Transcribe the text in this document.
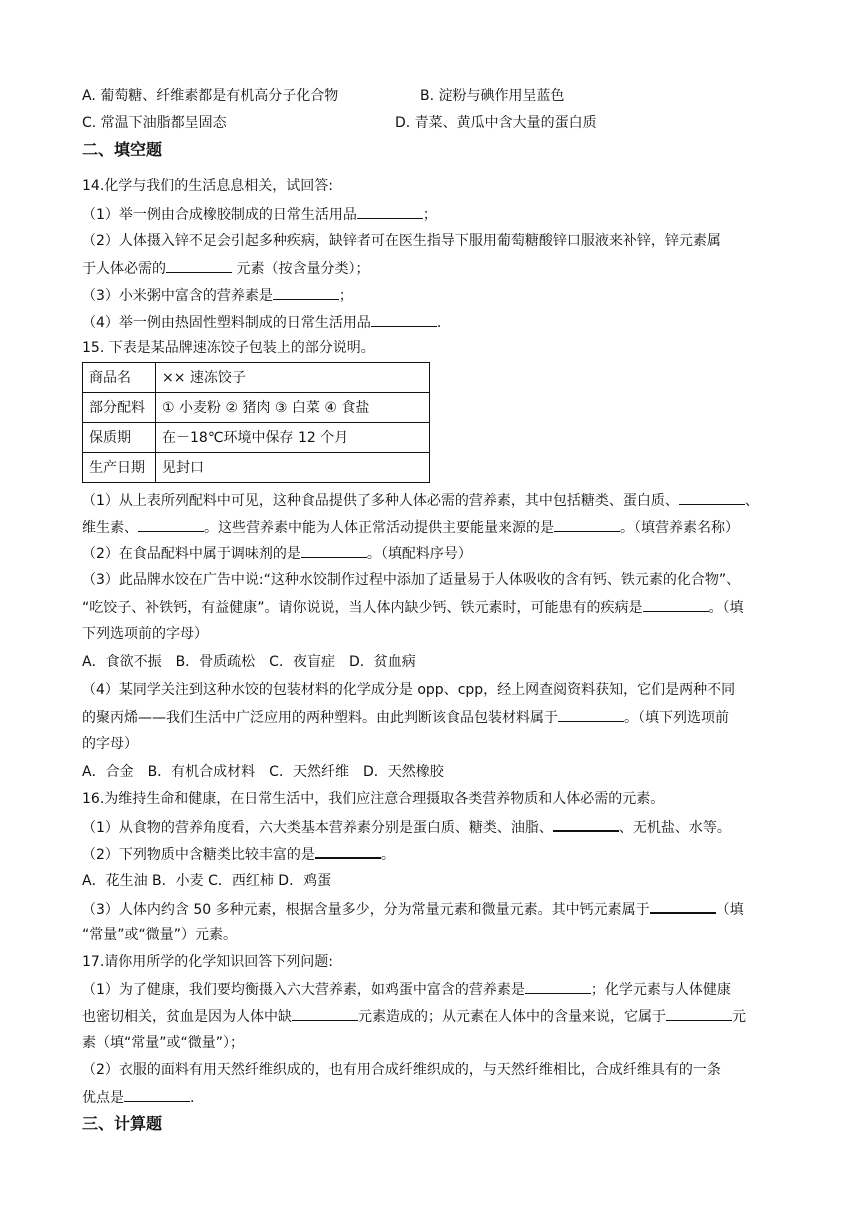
A. 葡萄糖、纤维素都是有机高分子化合物	B. 淀粉与碘作用呈蓝色
C. 常温下油脂都呈固态	D. 青菜、黄瓜中含大量的蛋白质
二、填空题
14.化学与我们的生活息息相关，试回答:
（1）举一例由合成橡胶制成的日常生活用品	；
（2）人体摄入锌不足会引起多种疾病，缺锌者可在医生指导下服用葡萄糖酸锌口服液来补锌，锌元素属
于人体必需的	元素（按含量分类）；
（3）小米粥中富含的营养素是	；
（4）举一例由热固性塑料制成的日常生活用品	.
15. 下表是某品牌速冻饺子包装上的部分说明。
商品名	×× 速冻饺子
部分配料	① 小麦粉 ② 猪肉 ③ 白菜 ④ 食盐
保质期	在－18℃环境中保存 12 个月
生产日期	见封口
（1）从上表所列配料中可见，这种食品提供了多种人体必需的营养素，其中包括糖类、蛋白质、	、
维生素、	。这些营养素中能为人体正常活动提供主要能量来源的是	。（填营养素名称）
（2）在食品配料中属于调味剂的是	。（填配料序号）
（3）此品牌水饺在广告中说:“这种水饺制作过程中添加了适量易于人体吸收的含有钙、铁元素的化合物”、
“吃饺子、补铁钙，有益健康”。请你说说，当人体内缺少钙、铁元素时，可能患有的疾病是	。（填
下列选项前的字母）
A．食欲不振　B．骨质疏松　C．夜盲症　D．贫血病
（4）某同学关注到这种水饺的包装材料的化学成分是 opp、cpp，经上网查阅资料获知，它们是两种不同
的聚丙烯——我们生活中广泛应用的两种塑料。由此判断该食品包装材料属于	。（填下列选项前
的字母）
A．合金　B．有机合成材料　C．天然纤维　D．天然橡胶
16.为维持生命和健康，在日常生活中，我们应注意合理摄取各类营养物质和人体必需的元素。
（1）从食物的营养角度看，六大类基本营养素分别是蛋白质、糖类、油脂、	、无机盐、水等。
（2）下列物质中含糖类比较丰富的是	。
A．花生油 B．小麦 C．西红柿 D．鸡蛋
（3）人体内约含 50 多种元素，根据含量多少，分为常量元素和微量元素。其中钙元素属于	（填
“常量”或“微量”）元素。
17.请你用所学的化学知识回答下列问题:
（1）为了健康，我们要均衡摄入六大营养素，如鸡蛋中富含的营养素是	；化学元素与人体健康
也密切相关，贫血是因为人体中缺	元素造成的；从元素在人体中的含量来说，它属于	元
素（填“常量”或“微量”）；
（2）衣服的面料有用天然纤维织成的，也有用合成纤维织成的，与天然纤维相比，合成纤维具有的一条
优点是	.
三、计算题
